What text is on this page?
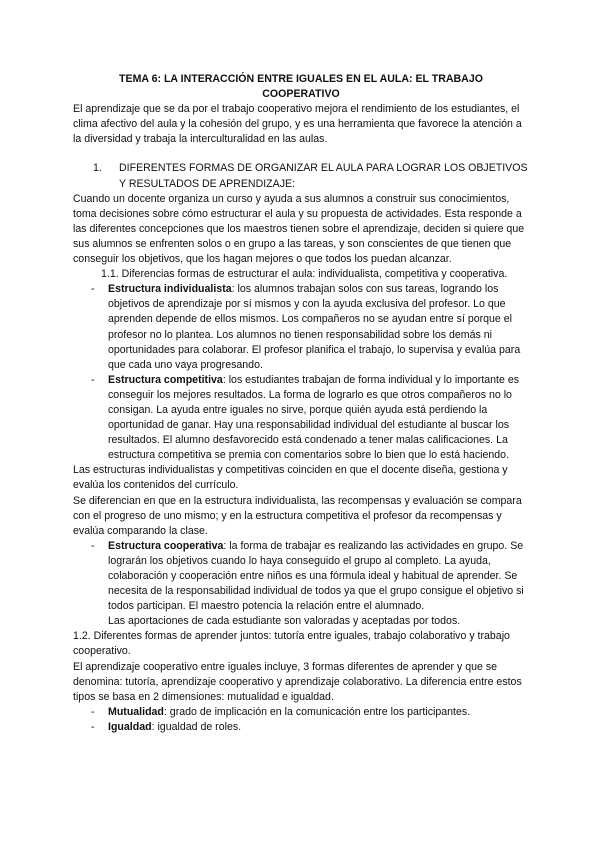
TEMA 6: LA INTERACCIÓN ENTRE IGUALES EN EL AULA: EL TRABAJO COOPERATIVO

El aprendizaje que se da por el trabajo cooperativo mejora el rendimiento de los estudiantes, el clima afectivo del aula y la cohesión del grupo, y es una herramienta que favorece la atención a la diversidad y trabaja la interculturalidad en las aulas.

1.	DIFERENTES FORMAS DE ORGANIZAR EL AULA PARA LOGRAR LOS OBJETIVOS Y RESULTADOS DE APRENDIZAJE:

Cuando un docente organiza un curso y ayuda a sus alumnos a construir sus conocimientos, toma decisiones sobre cómo estructurar el aula y su propuesta de actividades. Esta responde a las diferentes concepciones que los maestros tienen sobre el aprendizaje, deciden si quiere que sus alumnos se enfrenten solos o en grupo a las tareas, y son conscientes de que tienen que conseguir los objetivos, que los hagan mejores o que todos los puedan alcanzar.

1.1. Diferencias formas de estructurar el aula: individualista, competitiva y cooperativa.

-	Estructura individualista: los alumnos trabajan solos con sus tareas, logrando los objetivos de aprendizaje por sí mismos y con la ayuda exclusiva del profesor. Lo que aprenden depende de ellos mismos. Los compañeros no se ayudan entre sí porque el profesor no lo plantea. Los alumnos no tienen responsabilidad sobre los demás ni oportunidades para colaborar. El profesor planifica el trabajo, lo supervisa y evalúa para que cada uno vaya progresando.
-	Estructura competitiva: los estudiantes trabajan de forma individual y lo importante es conseguir los mejores resultados. La forma de lograrlo es que otros compañeros no lo consigan. La ayuda entre iguales no sirve, porque quién ayuda está perdiendo la oportunidad de ganar. Hay una responsabilidad individual del estudiante al buscar los resultados. El alumno desfavorecido está condenado a tener malas calificaciones. La estructura competitiva se premia con comentarios sobre lo bien que lo está haciendo.

Las estructuras individualistas y competitivas coinciden en que el docente diseña, gestiona y evalúa los contenidos del currículo.

Se diferencian en que en la estructura individualista, las recompensas y evaluación se compara con el progreso de uno mismo; y en la estructura competitiva el profesor da recompensas y evalúa comparando la clase.

-	Estructura cooperativa: la forma de trabajar es realizando las actividades en grupo. Se lograrán los objetivos cuando lo haya conseguido el grupo al completo. La ayuda, colaboración y cooperación entre niños es una fórmula ideal y habitual de aprender. Se necesita de la responsabilidad individual de todos ya que el grupo consigue el objetivo si todos participan. El maestro potencia la relación entre el alumnado.

Las aportaciones de cada estudiante son valoradas y aceptadas por todos.

1.2. Diferentes formas de aprender juntos: tutoría entre iguales, trabajo colaborativo y trabajo cooperativo.

El aprendizaje cooperativo entre iguales incluye, 3 formas diferentes de aprender y que se denomina: tutoría, aprendizaje cooperativo y aprendizaje colaborativo. La diferencia entre estos tipos se basa en 2 dimensiones: mutualidad e igualdad.

-	Mutualidad: grado de implicación en la comunicación entre los participantes.
-	Igualdad: igualdad de roles.
